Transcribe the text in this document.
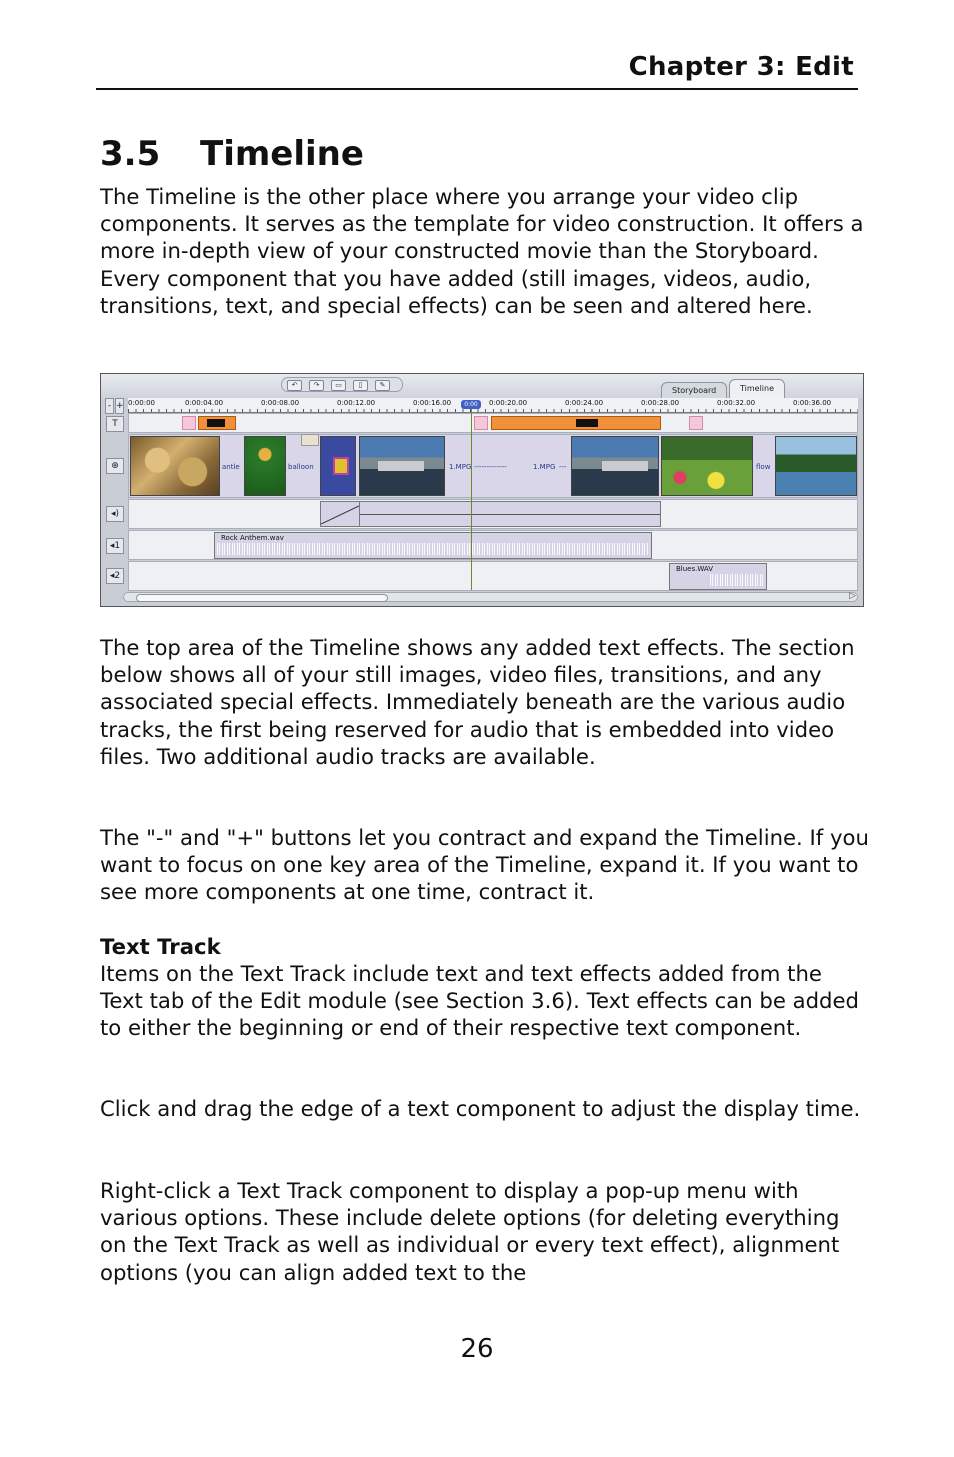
Chapter 3: Edit
3.5 Timeline

The Timeline is the other place where you arrange your video clip components. It serves as the template for video construction. It offers a more in-depth view of your constructed movie than the Storyboard. Every component that you have added (still images, videos, audio, transitions, text, and special effects) can be seen and altered here.

↶ ↷ ▭ ▯ ✎
Storyboard	Timeline
- +
T
⊕
◂)
◂1
◂2
0:00:00	0:00:04.00	0:00:08.00	0:00:12.00	0:00:16.00	0:00:20.00	0:00:24.00	0:00:28.00	0:00:32.00	0:00:36.00
antle	balloon	1.MPG -------------	1.MPG ---	flow
Rock Anthem.wav
Blues.WAV
0:00
▷

The top area of the Timeline shows any added text effects. The section below shows all of your still images, video files, transitions, and any associated special effects. Immediately beneath are the various audio tracks, the first being reserved for audio that is embedded into video files. Two additional audio tracks are available.

The "-" and "+" buttons let you contract and expand the Timeline. If you want to focus on one key area of the Timeline, expand it. If you want to see more components at one time, contract it.

Text Track

Items on the Text Track include text and text effects added from the Text tab of the Edit module (see Section 3.6). Text effects can be added to either the beginning or end of their respective text component.

Click and drag the edge of a text component to adjust the display time.

Right-click a Text Track component to display a pop-up menu with various options. These include delete options (for deleting everything on the Text Track as well as individual or every text effect), alignment options (you can align added text to the

26
